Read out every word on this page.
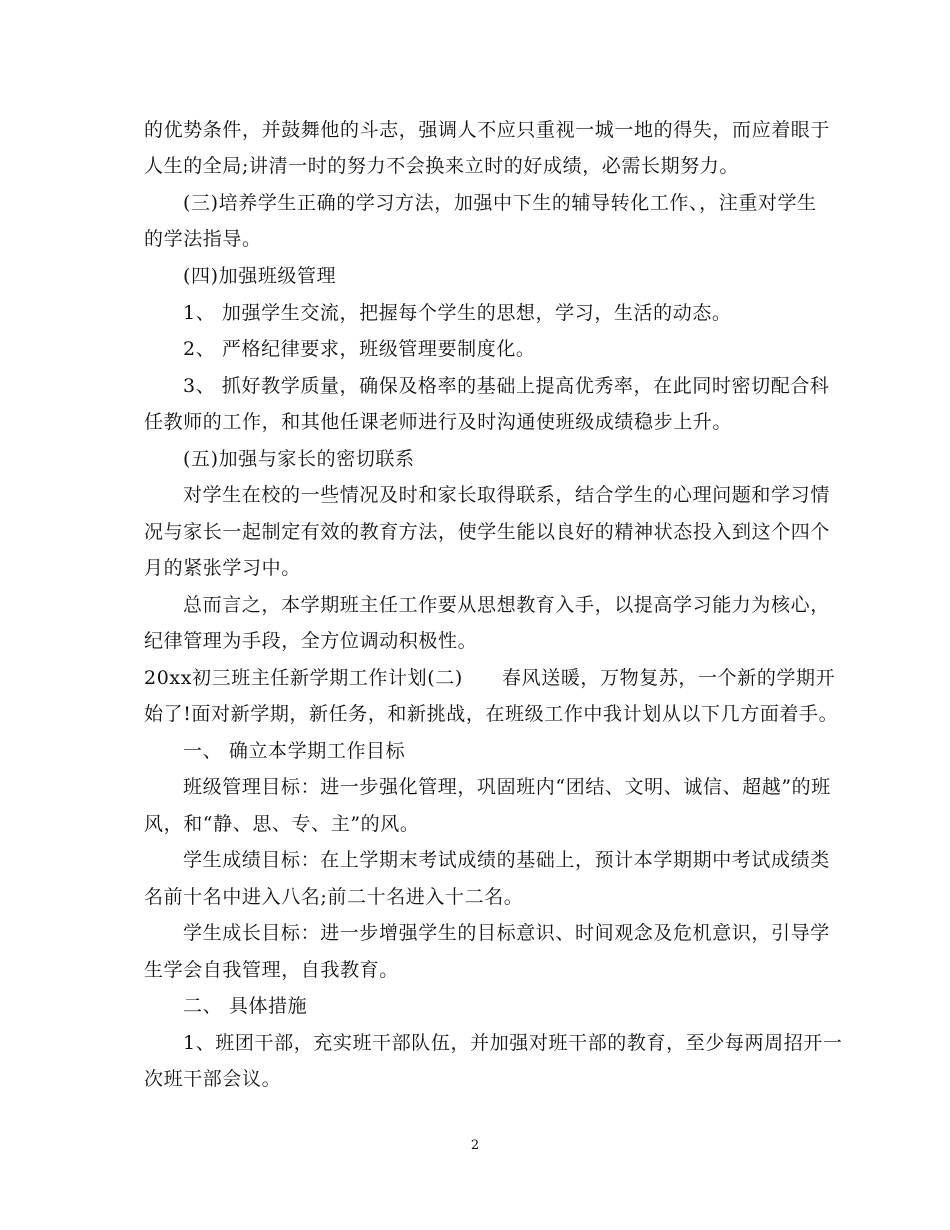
的优势条件，并鼓舞他的斗志，强调人不应只重视一城一地的得失，而应着眼于
人生的全局;讲清一时的努力不会换来立时的好成绩，必需长期努力。
(三)培养学生正确的学习方法，加强中下生的辅导转化工作、，注重对学生
的学法指导。
(四)加强班级管理
1、 加强学生交流，把握每个学生的思想，学习，生活的动态。
2、 严格纪律要求，班级管理要制度化。
3、 抓好教学质量，确保及格率的基础上提高优秀率，在此同时密切配合科
任教师的工作，和其他任课老师进行及时沟通使班级成绩稳步上升。
(五)加强与家长的密切联系
对学生在校的一些情况及时和家长取得联系，结合学生的心理问题和学习情
况与家长一起制定有效的教育方法，使学生能以良好的精神状态投入到这个四个
月的紧张学习中。
总而言之，本学期班主任工作要从思想教育入手，以提高学习能力为核心，
纪律管理为手段，全方位调动积极性。
20xx初三班主任新学期工作计划(二)　　春风送暖，万物复苏，一个新的学期开
始了!面对新学期，新任务，和新挑战，在班级工作中我计划从以下几方面着手。
一、 确立本学期工作目标
班级管理目标：进一步强化管理，巩固班内“团结、文明、诚信、超越”的班
风，和“静、思、专、主”的风。
学生成绩目标：在上学期末考试成绩的基础上，预计本学期期中考试成绩类
名前十名中进入八名;前二十名进入十二名。
学生成长目标：进一步增强学生的目标意识、时间观念及危机意识，引导学
生学会自我管理，自我教育。
二、 具体措施
1、班团干部，充实班干部队伍，并加强对班干部的教育，至少每两周招开一
次班干部会议。
2
